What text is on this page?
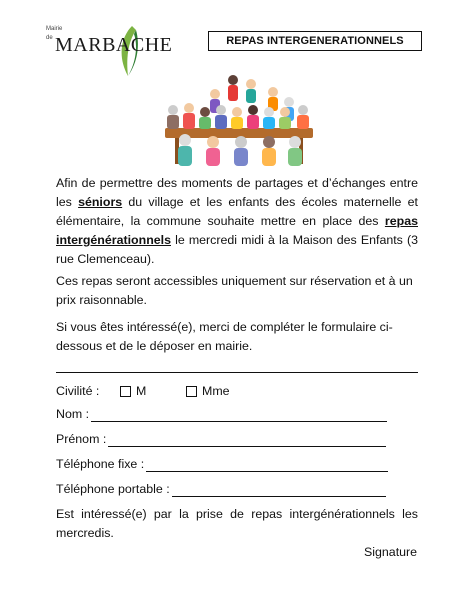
Mairie
de MARBACHE	REPAS INTERGENERATIONNELS
Afin de permettre des moments de partages et d’échanges entre les séniors du village et les enfants des écoles maternelle et élémentaire, la commune souhaite mettre en place des repas intergénérationnels le mercredi midi à la Maison des Enfants (3 rue Clemenceau).
Ces repas seront accessibles uniquement sur réservation et à un prix raisonnable.
Si vous êtes intéressé(e), merci de compléter le formulaire ci-dessous et de le déposer en mairie.
Civilité :	M	Mme
Nom :
Prénom :
Téléphone fixe :
Téléphone portable :
Est intéressé(e) par la prise de repas intergénérationnels les mercredis.
Signature
